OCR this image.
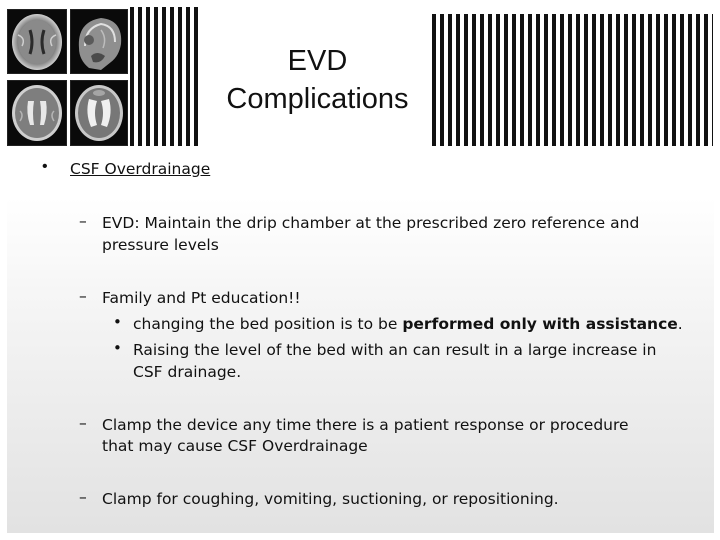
EVD
Complications
• CSF Overdrainage
– EVD: Maintain the drip chamber at the prescribed zero reference and
pressure levels
– Family and Pt education!!
• changing the bed position is to be performed only with assistance.
• Raising the level of the bed with an can result in a large increase in
CSF drainage.
– Clamp the device any time there is a patient response or procedure
that may cause CSF Overdrainage
– Clamp for coughing, vomiting, suctioning, or repositioning.
